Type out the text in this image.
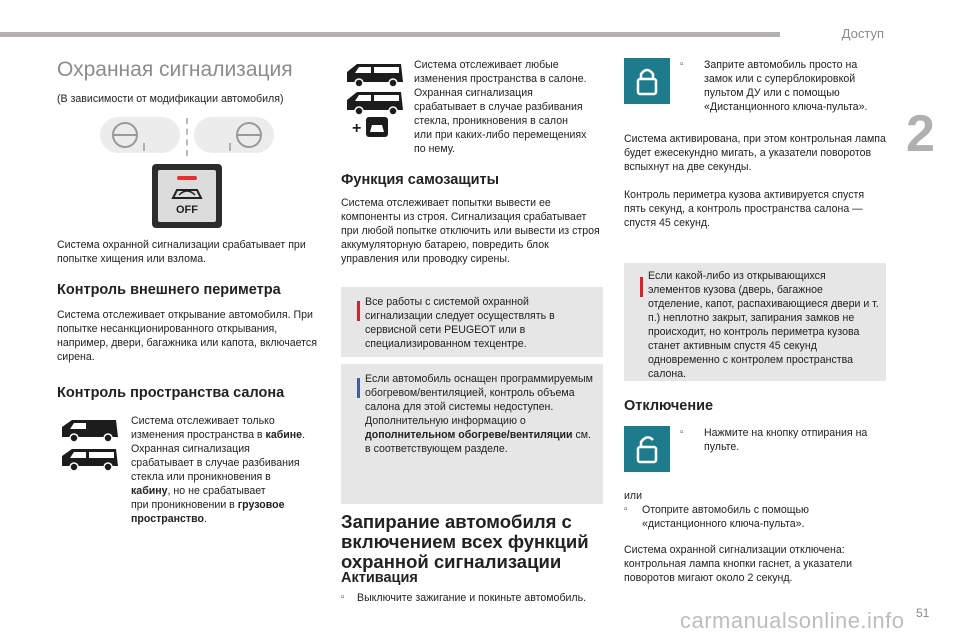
Доступ
2
Охранная сигнализация
(В зависимости от модификации автомобиля)
OFF
Система охранной сигнализации срабатывает при попытке хищения или взлома.
Контроль внешнего периметра
Система отслеживает открывание автомобиля. При попытке несанкционированного открывания, например, двери, багажника или капота, включается сирена.
Контроль пространства салона
Система отслеживает только
изменения пространства в кабине.
Охранная сигнализация
срабатывает в случае разбивания
стекла или проникновения в
кабину, но не срабатывает
при проникновении в грузовое
пространство.
+
Система отслеживает любые
изменения пространства в салоне.
Охранная сигнализация
срабатывает в случае разбивания
стекла, проникновения в салон
или при каких-либо перемещениях
по нему.
Функция самозащиты
Система отслеживает попытки вывести ее компоненты из строя. Сигнализация срабатывает при любой попытке отключить или вывести из строя аккумуляторную батарею, повредить блок управления или проводку сирены.
Все работы с системой охранной сигнализации следует осуществлять в сервисной сети PEUGEOT или в специализированном техцентре.
Если автомобиль оснащен программируемым обогревом/вентиляцией, контроль объема салона для этой системы недоступен.
Дополнительную информацию о дополнительном обогреве/вентиляции см. в соответствующем разделе.
Запирание автомобиля с включением всех функций охранной сигнализации
Активация
▫	Выключите зажигание и покиньте автомобиль.
▫	Заприте автомобиль просто на замок или с суперблокировкой пультом ДУ или с помощью «Дистанционного ключа-пульта».
Система активирована, при этом контрольная лампа будет ежесекундно мигать, а указатели поворотов вспыхнут на две секунды.
Контроль периметра кузова активируется спустя пять секунд, а контроль пространства салона — спустя 45 секунд.
Если какой-либо из открывающихся элементов кузова (дверь, багажное отделение, капот, распахивающиеся двери и т. п.) неплотно закрыт, запирания замков не происходит, но контроль периметра кузова станет активным спустя 45 секунд одновременно с контролем пространства салона.
Отключение
▫	Нажмите на кнопку отпирания на пульте.
или
▫	Отоприте автомобиль с помощью «дистанционного ключа-пульта».
Система охранной сигнализации отключена: контрольная лампа кнопки гаснет, а указатели поворотов мигают около 2 секунд.
carmanualsonline.info 51
